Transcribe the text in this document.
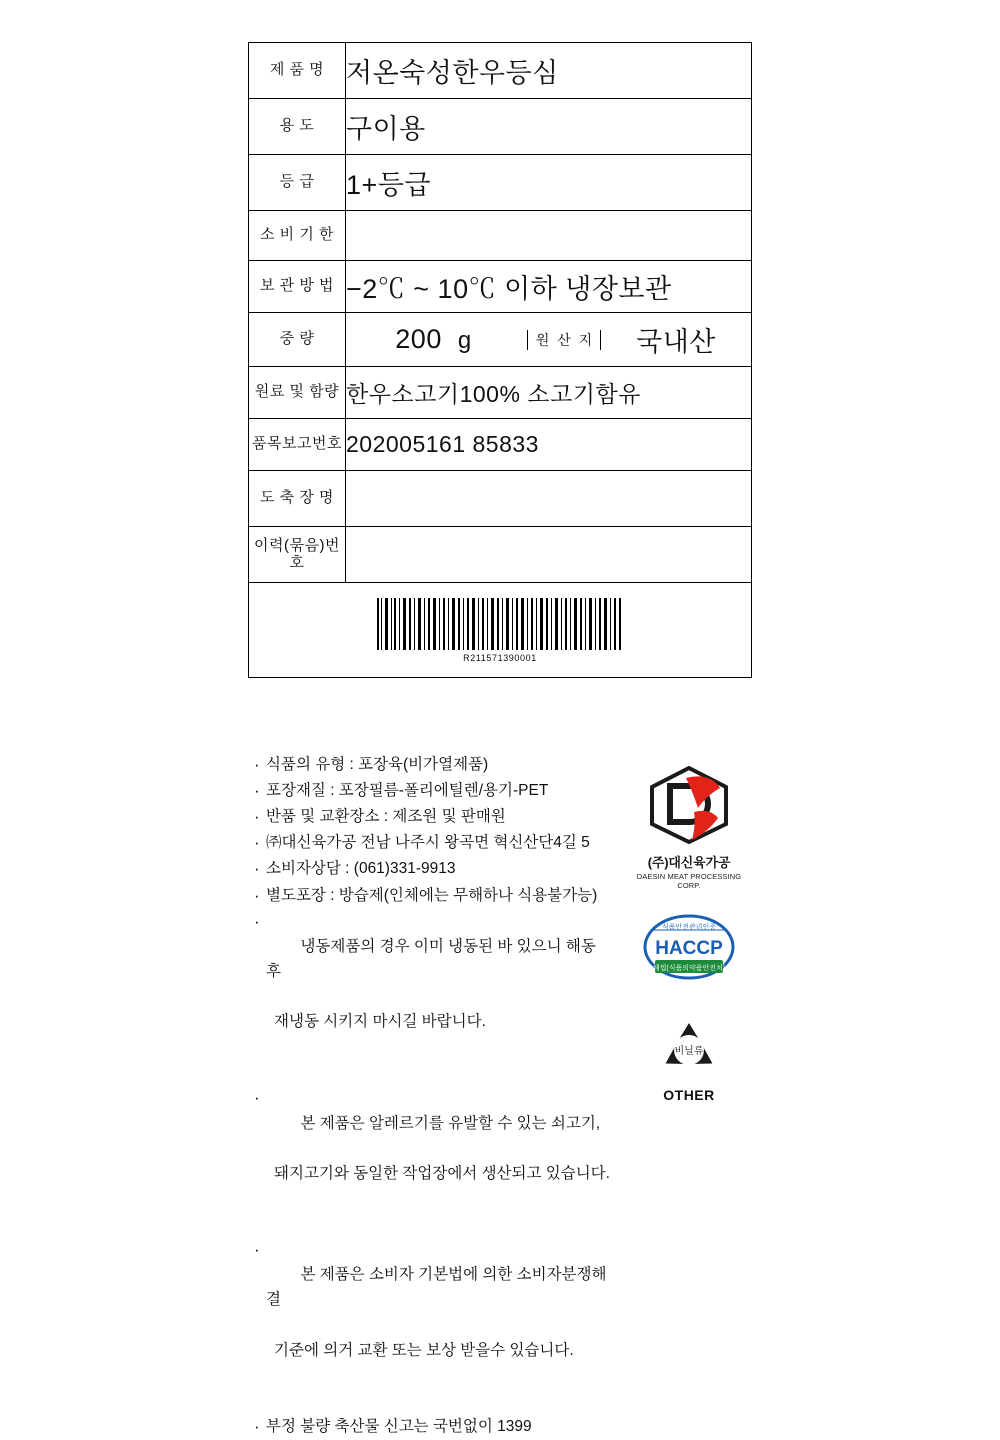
제 품 명	저온숙성한우등심
용 도	구이용
등 급	1+등급
소 비 기 한	
보 관 방 법	−2℃ ~ 10℃ 이하 냉장보관
중 량	200 g 원 산 지 국내산

원료 및 함량	한우소고기100% 소고기함유
품목보고번호	202005161 85833
도 축 장 명	
이력(묶음)번호	

R211571390001	
· 식품의 유형 : 포장육(비가열제품)
· 포장재질 : 포장필름-폴리에틸렌/용기-PET
· 반품 및 교환장소 : 제조원 및 판매원
· ㈜대신육가공 전남 나주시 왕곡면 혁신산단4길 5
· 소비자상담 : (061)331-9913
· 별도포장 : 방습제(인체에는 무해하나 식용불가능)

· 냉동제품의 경우 이미 냉동된 바 있으니 해동 후

재냉동 시키지 마시길 바랍니다.

· 본 제품은 알레르기를 유발할 수 있는 쇠고기,

돼지고기와 동일한 작업장에서 생산되고 있습니다.

· 본 제품은 소비자 기본법에 의한 소비자분쟁해결

기준에 의거 교환 또는 보상 받을수 있습니다.

· 부정 불량 축산물 신고는 국번없이 1399
(주)대신육가공
DAESIN MEAT PROCESSING CORP.
식품안전관리인증
HACCP
해썹(식품의약품안전처)
비닐류
OTHER
